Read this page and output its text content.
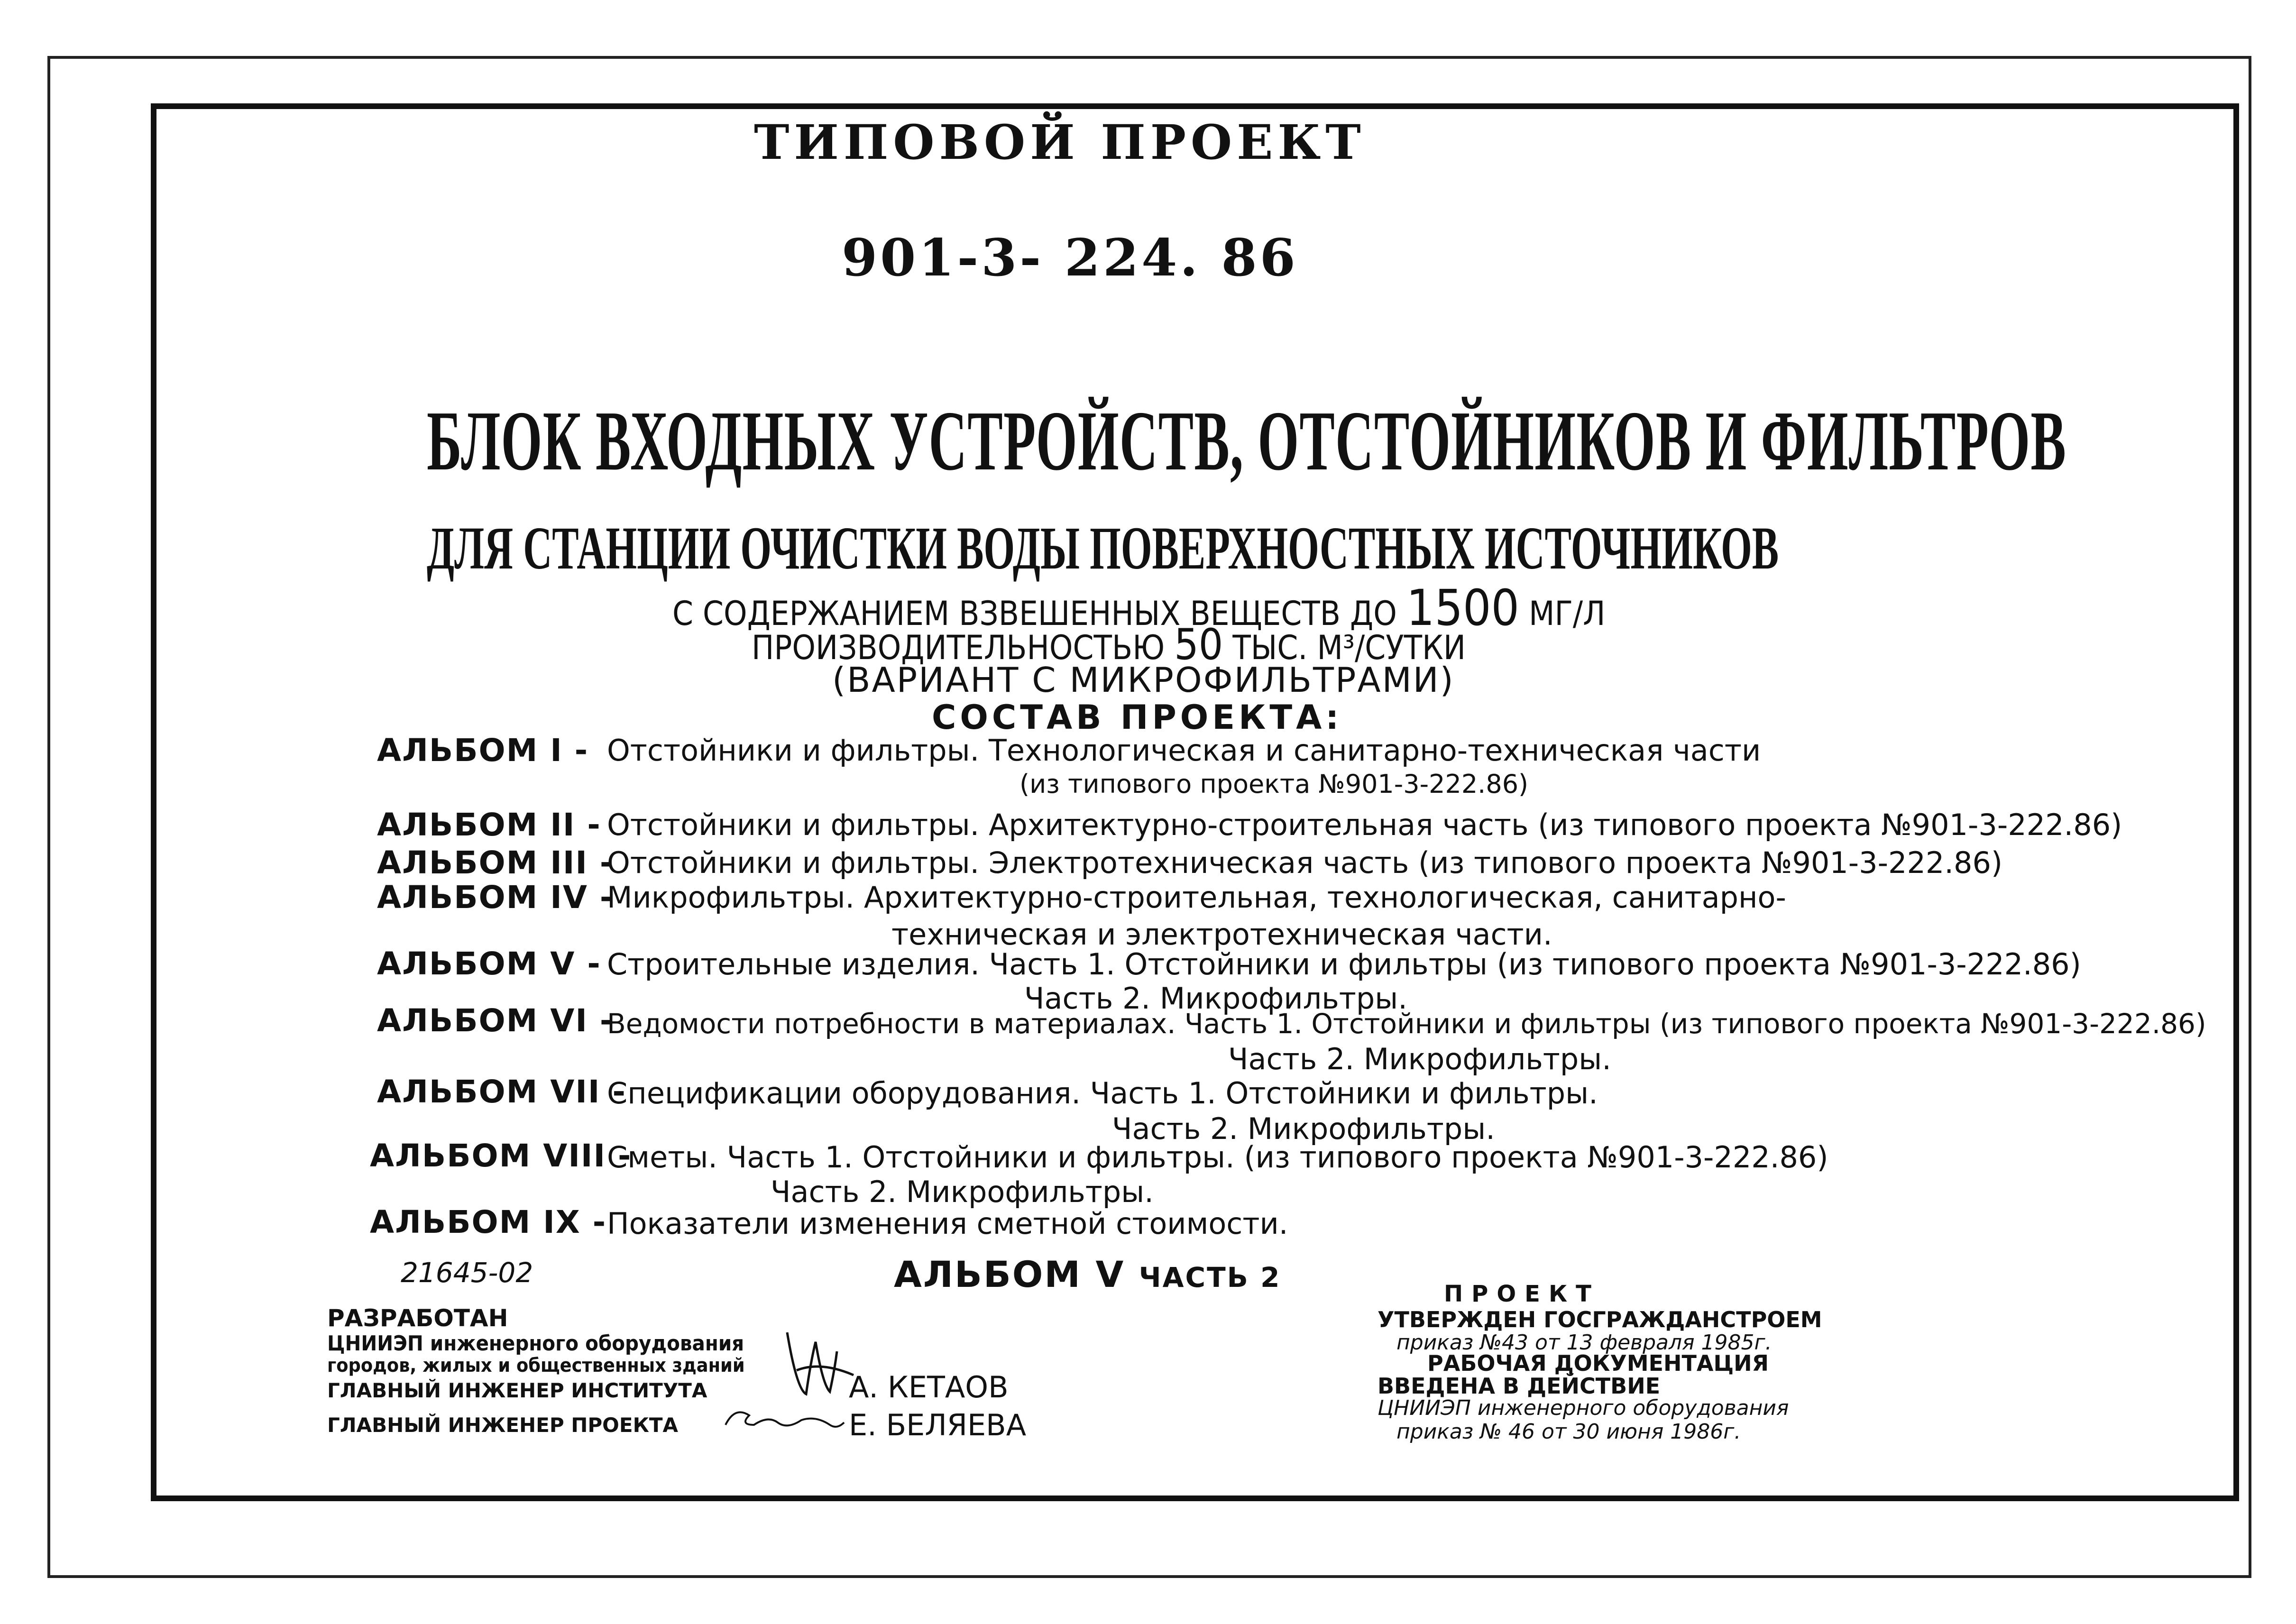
ТИПОВОЙ ПРОЕКТ
901-3- 224. 86
БЛОК ВХОДНЫХ УСТРОЙСТВ, ОТСТОЙНИКОВ И ФИЛЬТРОВ
ДЛЯ СТАНЦИИ ОЧИСТКИ ВОДЫ ПОВЕРХНОСТНЫХ ИСТОЧНИКОВ
С СОДЕРЖАНИЕМ ВЗВЕШЕННЫХ ВЕЩЕСТВ ДО 1500 МГ/Л
ПРОИЗВОДИТЕЛЬНОСТЬЮ 50 ТЫС. М³/СУТКИ
(ВАРИАНТ С МИКРОФИЛЬТРАМИ)
СОСТАВ ПРОЕКТА:
АЛЬБОМ I - Отстойники и фильтры. Технологическая и санитарно-техническая части
(из типового проекта №901-3-222.86)
АЛЬБОМ II - Отстойники и фильтры. Архитектурно-строительная часть (из типового проекта №901-3-222.86)
АЛЬБОМ III -
Отстойники и фильтры. Электротехническая часть (из типового проекта №901-3-222.86)
АЛЬБОМ IV -
Микрофильтры. Архитектурно-строительная, технологическая, санитарно-
техническая и электротехническая части.
АЛЬБОМ V - Строительные изделия. Часть 1. Отстойники и фильтры (из типового проекта №901-3-222.86)
Часть 2. Микрофильтры.
АЛЬБОМ VI -
Ведомости потребности в материалах. Часть 1. Отстойники и фильтры (из типового проекта №901-3-222.86)
Часть 2. Микрофильтры.
АЛЬБОМ VII -
Спецификации оборудования. Часть 1. Отстойники и фильтры.
Часть 2. Микрофильтры.
АЛЬБОМ VIII -
Сметы. Часть 1. Отстойники и фильтры. (из типового проекта №901-3-222.86)
Часть 2. Микрофильтры.
АЛЬБОМ IX - Показатели изменения сметной стоимости.
21645-02	АЛЬБОМ V ЧАСТЬ 2
РАЗРАБОТАН
ЦНИИЭП инженерного оборудования
городов, жилых и общественных зданий
ГЛАВНЫЙ ИНЖЕНЕР ИНСТИТУТА
ГЛАВНЫЙ ИНЖЕНЕР ПРОЕКТА
А. КЕТАОВ
Е. БЕЛЯЕВА
ПРОЕКТ
УТВЕРЖДЕН ГОСГРАЖДАНСТРОЕМ
приказ №43 от 13 февраля 1985г.
РАБОЧАЯ ДОКУМЕНТАЦИЯ
ВВЕДЕНА В ДЕЙСТВИЕ
ЦНИИЭП инженерного оборудования
приказ № 46 от 30 июня 1986г.
